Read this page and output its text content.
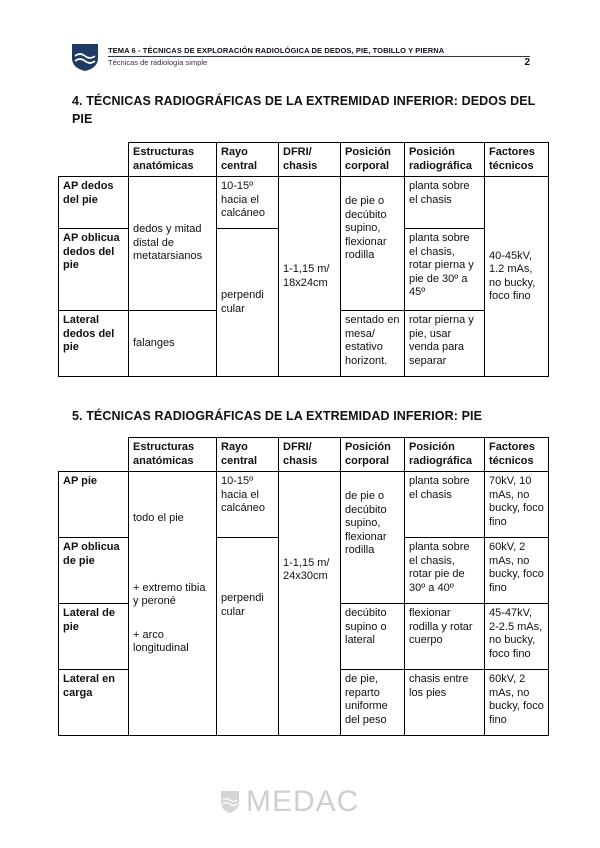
TEMA 6 - TÉCNICAS DE EXPLORACIÓN RADIOLÓGICA DE DEDOS, PIE, TOBILLO Y PIERNA
Técnicas de radiología simple	2
4. TÉCNICAS RADIOGRÁFICAS DE LA EXTREMIDAD INFERIOR: DEDOS DEL PIE
	Estructuras anatómicas	Rayo central	DFRI/ chasis	Posición corporal	Posición radiográfica	Factores técnicos
AP dedos del pie	dedos y mitad distal de metatarsianos	10-15º hacia el calcáneo	1-1,15 m/ 18x24cm	de pie o decúbito supino, flexionar rodilla	planta sobre el chasis	40-45kV, 1.2 mAs, no bucky, foco fino
AP oblicua dedos del pie		perpendi cular			planta sobre el chasis, rotar pierna y pie de 30º a 45º	
Lateral dedos del pie	falanges			sentado en mesa/ estativo horizont.	rotar pierna y pie, usar venda para separar	
5. TÉCNICAS RADIOGRÁFICAS DE LA EXTREMIDAD INFERIOR: PIE
	Estructuras anatómicas	Rayo central	DFRI/ chasis	Posición corporal	Posición radiográfica	Factores técnicos
AP pie	todo el pie
+ extremo tibia y peroné
+ arco longitudinal	10-15º hacia el calcáneo	1-1,15 m/ 24x30cm	de pie o decúbito supino, flexionar rodilla	planta sobre el chasis	70kV, 10 mAs, no bucky, foco fino
AP oblicua de pie		perpendi cular			planta sobre el chasis, rotar pie de 30º a 40º	60kV, 2 mAs, no bucky, foco fino
Lateral de pie				decúbito supino o lateral	flexionar rodilla y rotar cuerpo	45-47kV, 2-2.5 mAs, no bucky, foco fino
Lateral en carga				de pie, reparto uniforme del peso	chasis entre los pies	60kV, 2 mAs, no bucky, foco fino
MEDAC
